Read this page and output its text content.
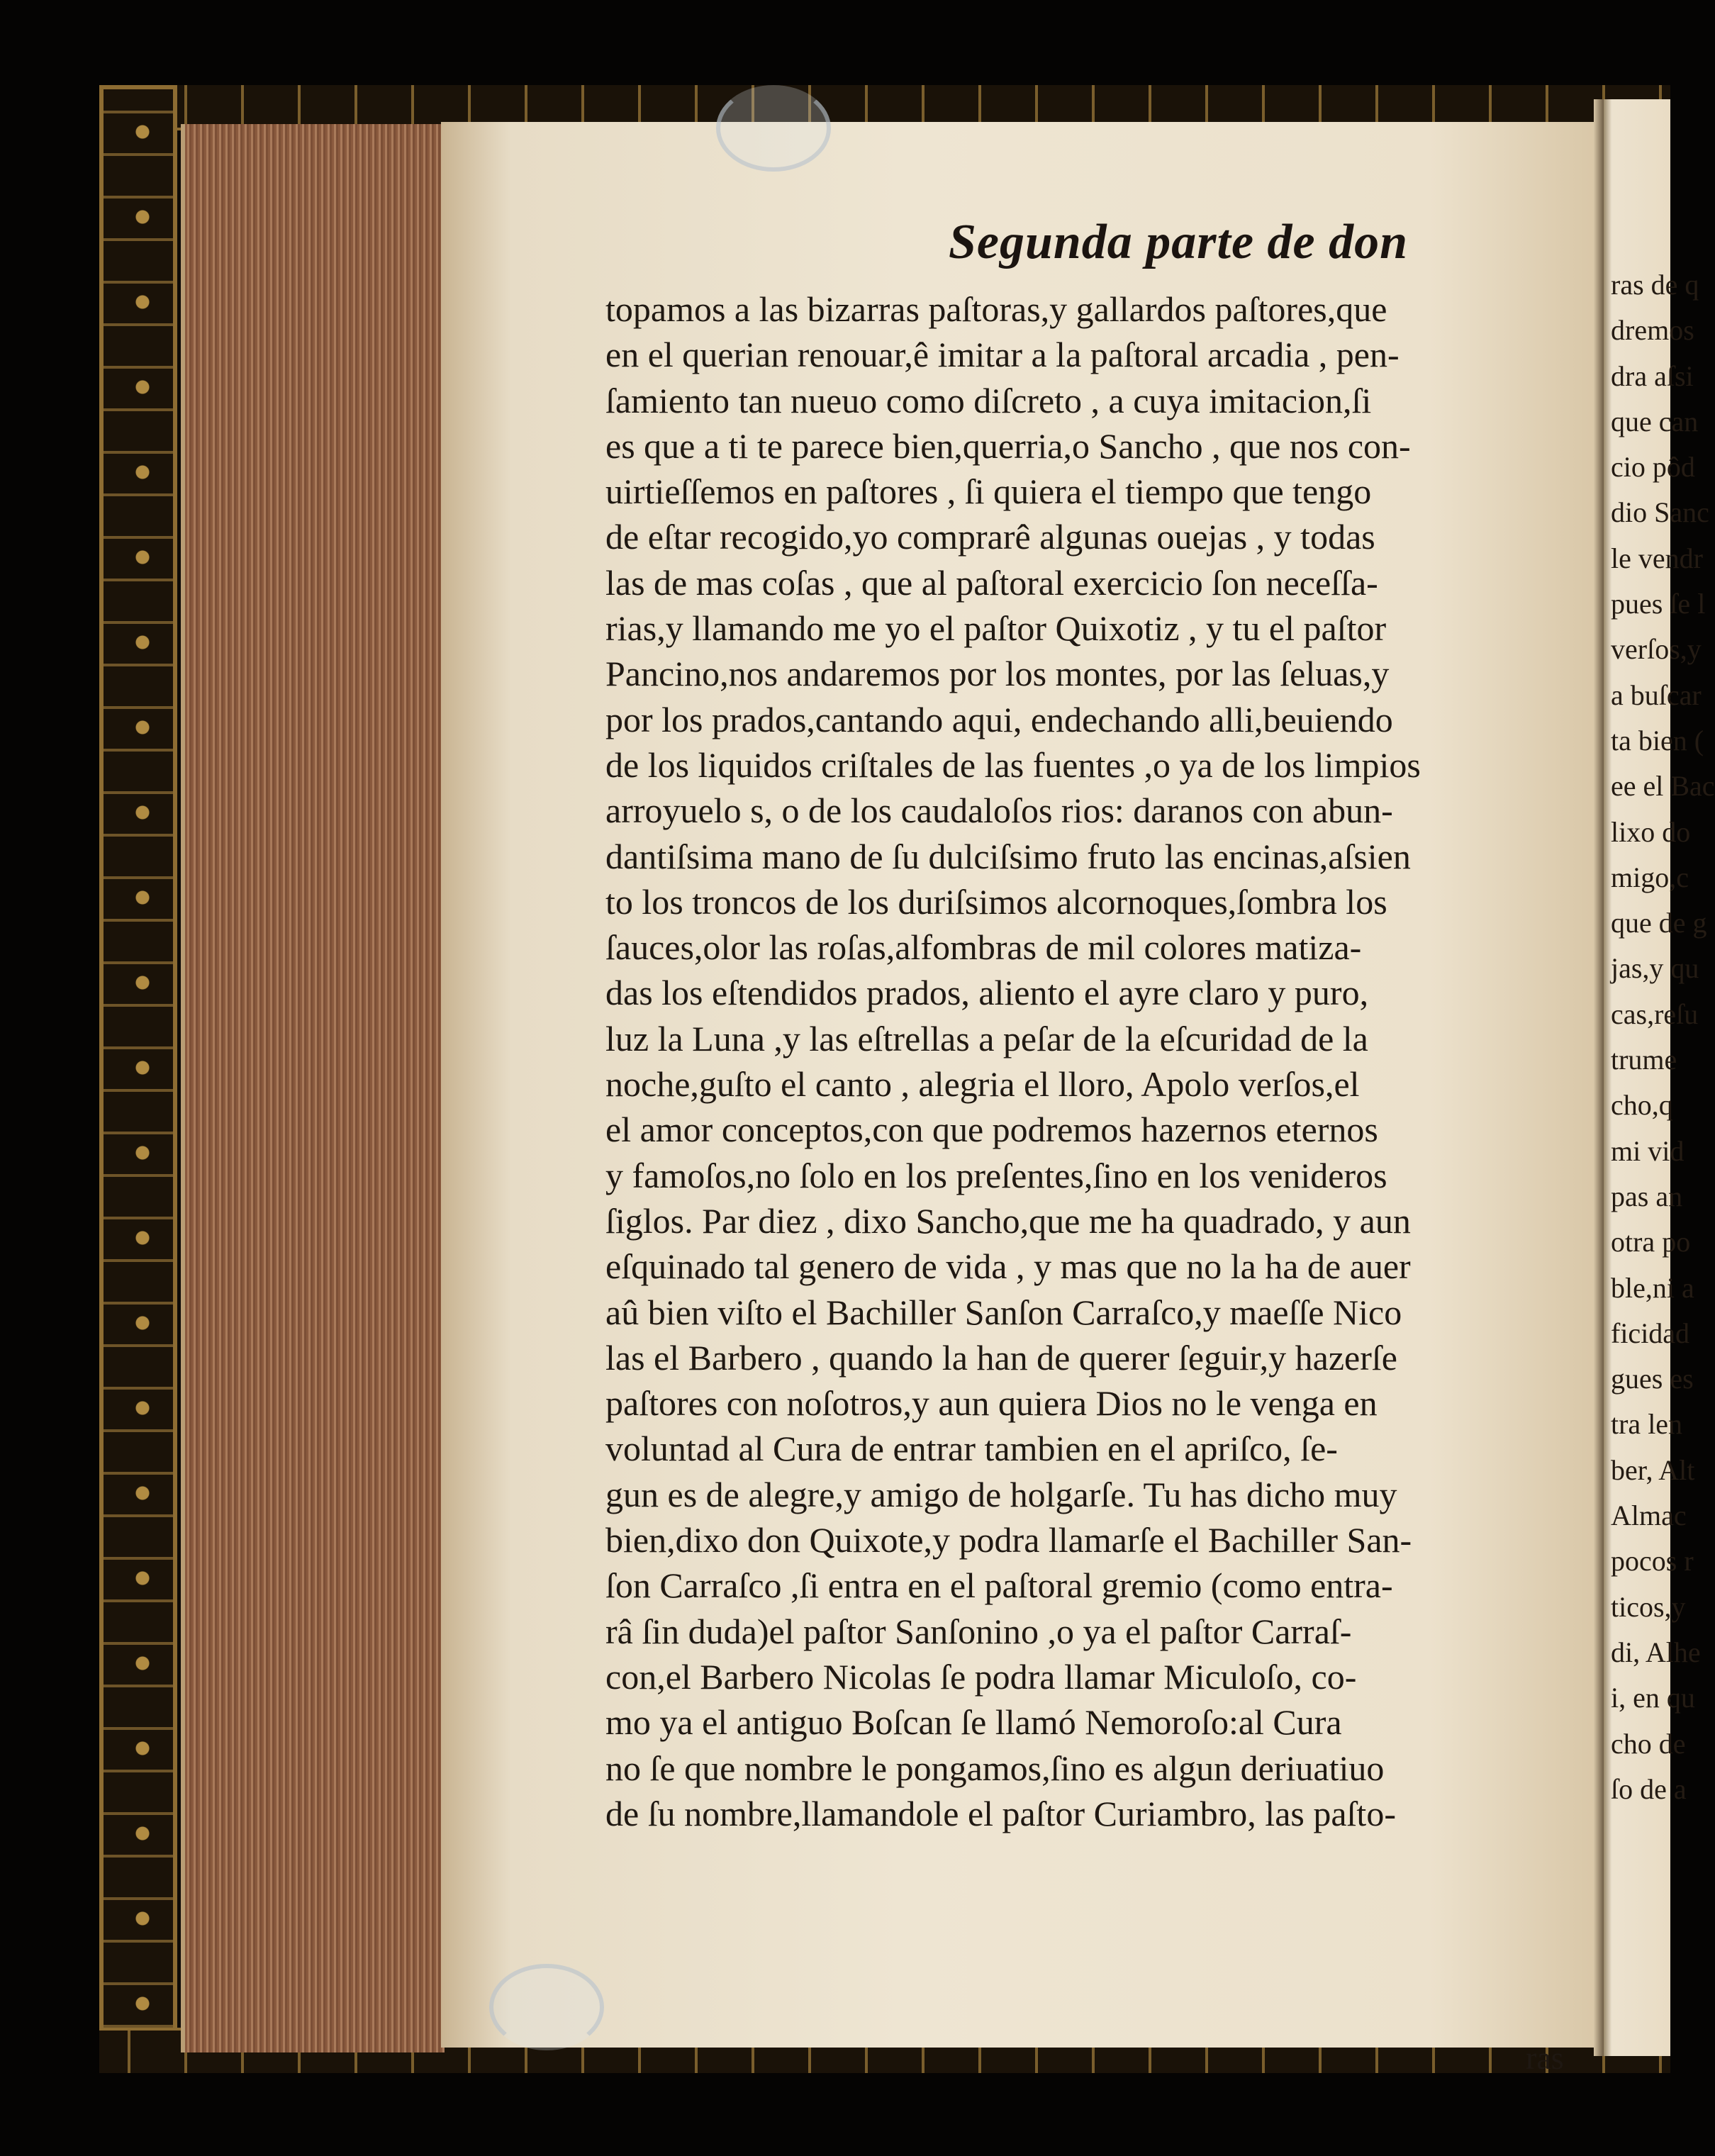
Segunda parte de don
topamos a las bizarras paſtoras,y gallardos paſtores,que
en el querian renouar,ê imitar a la paſtoral arcadia , pen-
ſamiento tan nueuo como diſcreto , a cuya imitacion,ſi
es que a ti te parece bien,querria,o Sancho , que nos con-
uirtieſſemos en paſtores , ſi quiera el tiempo que tengo
de eſtar recogido,yo comprarê algunas ouejas , y todas
las de mas coſas , que al paſtoral exercicio ſon neceſſa-
rias,y llamando me yo el paſtor Quixotiz , y tu el paſtor
Pancino,nos andaremos por los montes, por las ſeluas,y
por los prados,cantando aqui, endechando alli,beuiendo
de los liquidos criſtales de las fuentes ,o ya de los limpios
arroyuelo s, o de los caudaloſos rios: daranos con abun-
dantiſsima mano de ſu dulciſsimo fruto las encinas,aſsien
to los troncos de los duriſsimos alcornoques,ſombra los
ſauces,olor las roſas,alfombras de mil colores matiza-
das los eſtendidos prados, aliento el ayre claro y puro,
luz la Luna ,y las eſtrellas a peſar de la eſcuridad de la
noche,guſto el canto , alegria el lloro, Apolo verſos,el
el amor conceptos,con que podremos hazernos eternos
y famoſos,no ſolo en los preſentes,ſino en los venideros
ſiglos. Par diez , dixo Sancho,que me ha quadrado, y aun
eſquinado tal genero de vida , y mas que no la ha de auer
aû bien viſto el Bachiller Sanſon Carraſco,y maeſſe Nico
las el Barbero , quando la han de querer ſeguir,y hazerſe
paſtores con noſotros,y aun quiera Dios no le venga en
voluntad al Cura de entrar tambien en el apriſco, ſe-
gun es de alegre,y amigo de holgarſe. Tu has dicho muy
bien,dixo don Quixote,y podra llamarſe el Bachiller San-
ſon Carraſco ,ſi entra en el paſtoral gremio (como entra-
râ ſin duda)el paſtor Sanſonino ,o ya el paſtor Carraſ-
con,el Barbero Nicolas ſe podra llamar Miculoſo, co-
mo ya el antiguo Boſcan ſe llamó Nemoroſo:al Cura
no ſe que nombre le pongamos,ſino es algun deriuatiuo
de ſu nombre,llamandole el paſtor Curiambro, las paſto-
ras
ras de q
dremos
dra aſsi
que can
cio pôd
dio Sanc
le vendr
pues ſe l
verſos,y
a buſcar
ta bien (
ee el Bac
lixo do
migo,c
que de g
jas,y qu
cas,reſu
trume
cho,q
mi vid
pas an
otra po
ble,ni a
ficidad
gues es
tra len
ber, Alt
Almac
pocos r
ticos,y
di, Alhe
i, en qu
cho de
ſo de a
